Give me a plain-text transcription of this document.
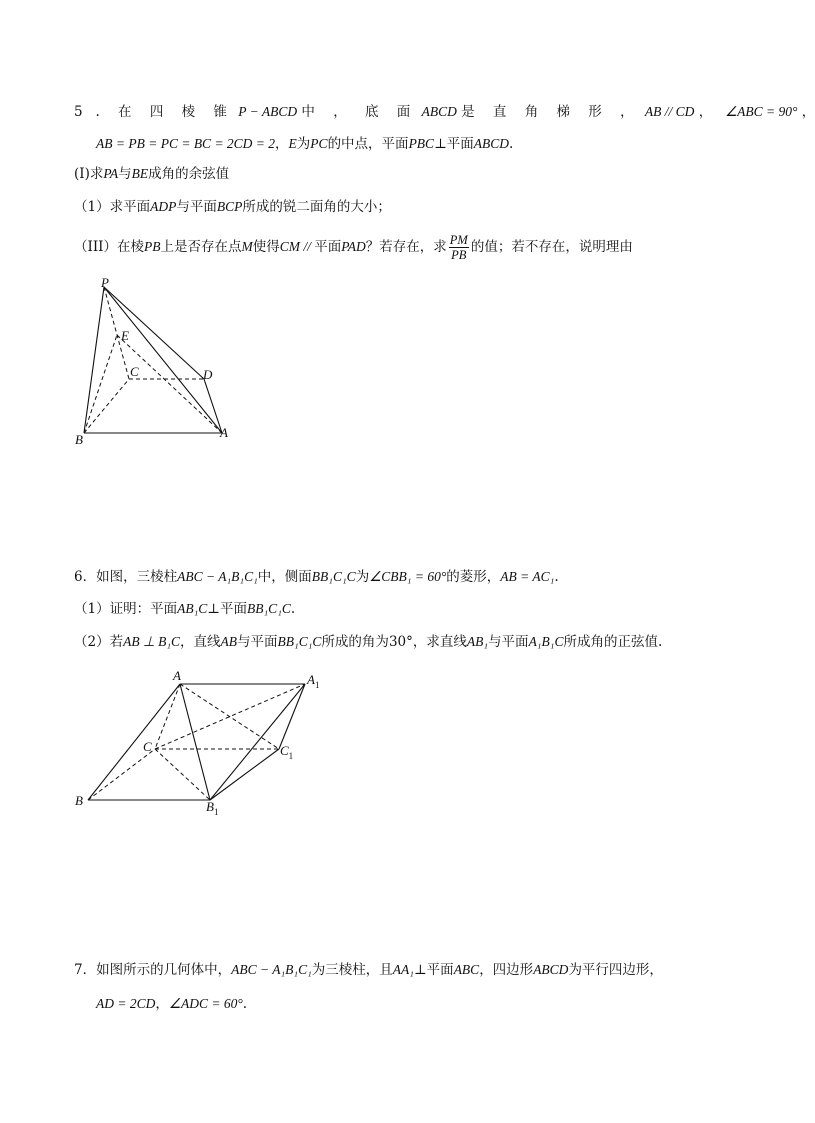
5 . 在 四 棱 锥 P − ABCD 中 ， 底 面 ABCD 是 直 角 梯 形 ， AB // CD ， ∠ABC = 90° ，
AB = PB = PC = BC = 2CD = 2，E为PC的中点，平面PBC⊥平面ABCD.
(I)求PA与BE成角的余弦值
（1）求平面ADP与平面BCP所成的锐二面角的大小；
（III）在棱PB上是否存在点M使得CM // 平面PAD？若存在，求 $\frac{PM}{PB}$ 的值；若不存在，说明理由
P
E
C	D
B	A
6．如图，三棱柱ABC − A₁B₁C₁中，侧面BB₁C₁C为∠CBB₁ = 60°的菱形，AB = AC₁.
（1）证明：平面AB₁C⊥平面BB₁C₁C.
（2）若AB ⊥ B₁C，直线AB与平面BB₁C₁C所成的角为30°，求直线AB₁与平面A₁B₁C所成角的正弦值.
A	$A_1$
C	$C_1$
B	$B_1$
7．如图所示的几何体中，ABC − A₁B₁C₁为三棱柱，且AA₁⊥平面ABC，四边形ABCD为平行四边形，
AD = 2CD，∠ADC = 60°.
